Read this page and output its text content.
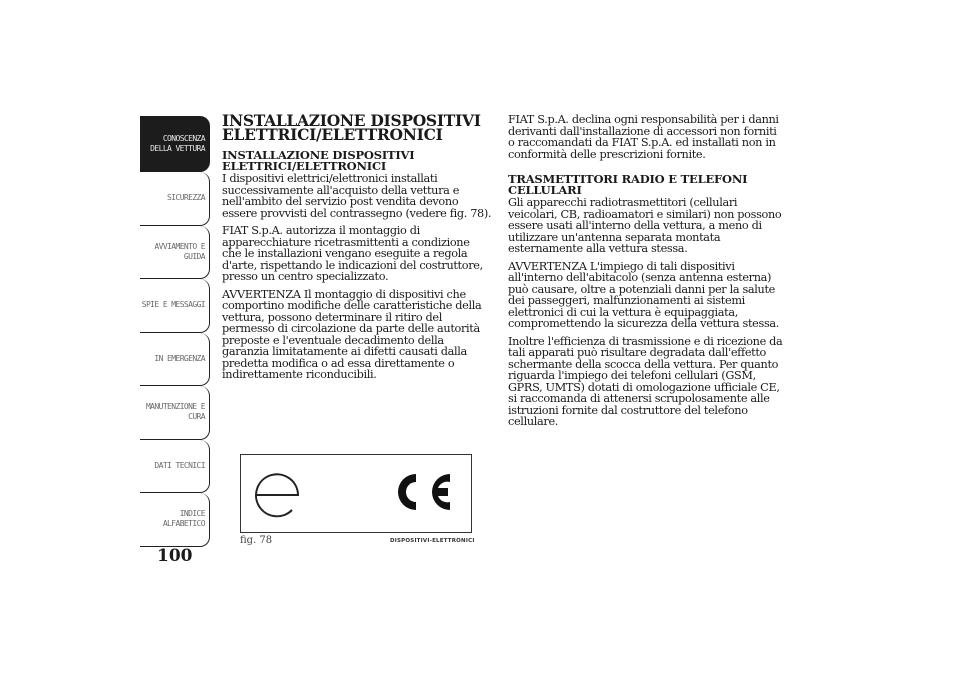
CONOSCENZA
DELLA VETTURA
SICUREZZA
AVVIAMENTO E
GUIDA
SPIE E MESSAGGI
IN EMERGENZA
MANUTENZIONE E
CURA
DATI TECNICI
INDICE
ALFABETICO
100
INSTALLAZIONE DISPOSITIVI
ELETTRICI/ELETTRONICI
INSTALLAZIONE DISPOSITIVI
ELETTRICI/ELETTRONICI

I dispositivi elettrici/elettronici installati successivamente all'acquisto della vettura e nell'ambito del servizio post vendita devono essere provvisti del contrassegno (vedere fig. 78).

FIAT S.p.A. autorizza il montaggio di apparecchiature ricetrasmittenti a condizione che le installazioni vengano eseguite a regola d'arte, rispettando le indicazioni del costruttore, presso un centro specializzato.

AVVERTENZA Il montaggio di dispositivi che comportino modifiche delle caratteristiche della vettura, possono determinare il ritiro del permesso di circolazione da parte delle autorità preposte e l'eventuale decadimento della garanzia limitatamente ai difetti causati dalla predetta modifica o ad essa direttamente o indirettamente riconducibili.

fig. 78	DISPOSITIVI-ELETTRONICI

FIAT S.p.A. declina ogni responsabilità per i danni derivanti dall'installazione di accessori non forniti o raccomandati da FIAT S.p.A. ed installati non in conformità delle prescrizioni fornite.

TRASMETTITORI RADIO E TELEFONI
CELLULARI

Gli apparecchi radiotrasmettitori (cellulari veicolari, CB, radioamatori e similari) non possono essere usati all'interno della vettura, a meno di utilizzare un'antenna separata montata esternamente alla vettura stessa.

AVVERTENZA L'impiego di tali dispositivi all'interno dell'abitacolo (senza antenna esterna) può causare, oltre a potenziali danni per la salute dei passeggeri, malfunzionamenti ai sistemi elettronici di cui la vettura è equipaggiata, compromettendo la sicurezza della vettura stessa.

Inoltre l'efficienza di trasmissione e di ricezione da tali apparati può risultare degradata dall'effetto schermante della scocca della vettura. Per quanto riguarda l'impiego dei telefoni cellulari (GSM, GPRS, UMTS) dotati di omologazione ufficiale CE, si raccomanda di attenersi scrupolosamente alle istruzioni fornite dal costruttore del telefono cellulare.
